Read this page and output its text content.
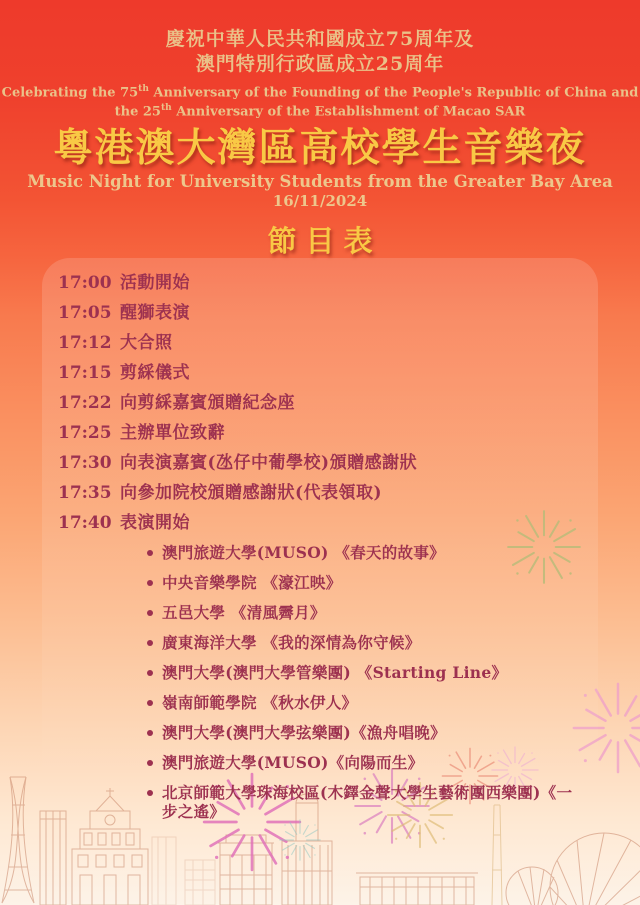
慶祝中華人民共和國成立75周年及
澳門特別行政區成立25周年
Celebrating the 75th Anniversary of the Founding of the People's Republic of China and
the 25th Anniversary of the Establishment of Macao SAR
粵港澳大灣區高校學生音樂夜
Music Night for University Students from the Greater Bay Area
16/11/2024
節目表
17:00 活動開始
17:05 醒獅表演
17:12 大合照
17:15 剪綵儀式
17:22 向剪綵嘉賓頒贈紀念座
17:25 主辦單位致辭
17:30 向表演嘉賓(氹仔中葡學校)頒贈感謝狀
17:35 向參加院校頒贈感謝狀(代表領取)
17:40 表演開始
澳門旅遊大學(MUSO) 《春天的故事》
中央音樂學院 《濠江映》
五邑大學 《清風霽月》
廣東海洋大學 《我的深情為你守候》
澳門大學(澳門大學管樂團) 《Starting Line》
嶺南師範學院 《秋水伊人》
澳門大學(澳門大學弦樂團)《漁舟唱晚》
澳門旅遊大學(MUSO)《向陽而生》
北京師範大學珠海校區(木鐸金聲大學生藝術團西樂團)《一步之遙》
